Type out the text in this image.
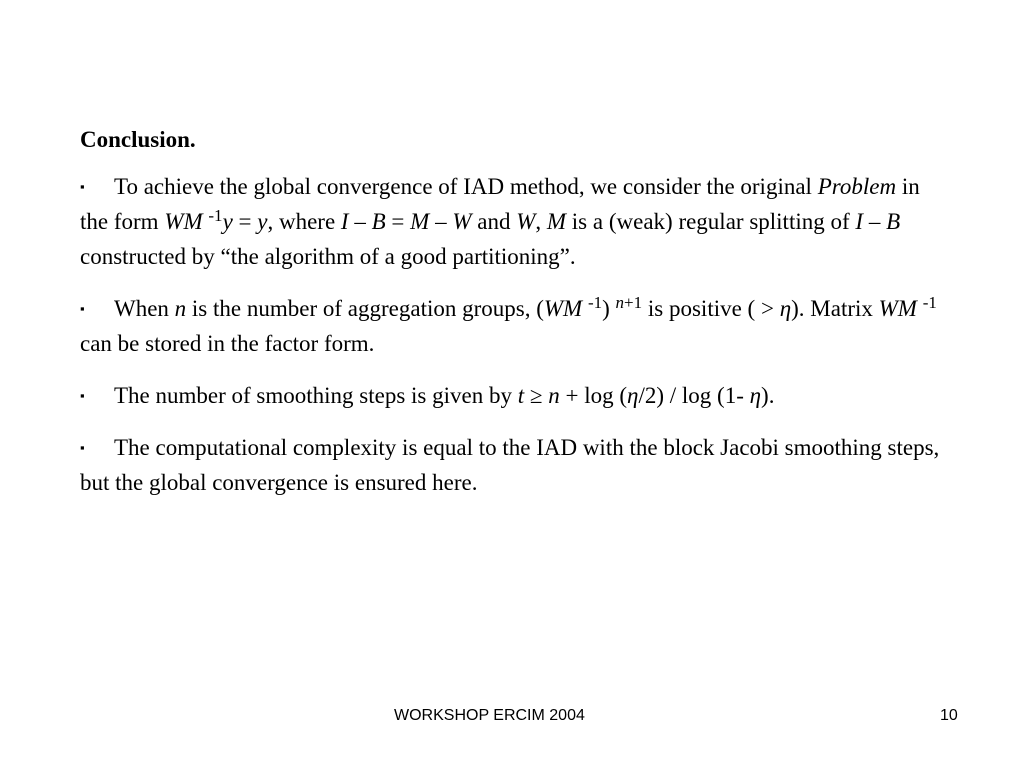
Conclusion.
▪ To achieve the global convergence of IAD method, we consider the original Problem in the form WM $^{-1}$y = y, where I – B = M – W and W, M is a (weak) regular splitting of I – B constructed by “the algorithm of a good partitioning”.
▪ When n is the number of aggregation groups, (WM $^{-1}$) $^{n+1}$ is positive ( > η). Matrix WM $^{-1}$ can be stored in the factor form.
▪ The number of smoothing steps is given by t ≥ n + log (η/2) / log (1- η).
▪ The computational complexity is equal to the IAD with the block Jacobi smoothing steps, but the global convergence is ensured here.
WORKSHOP ERCIM 2004	10
